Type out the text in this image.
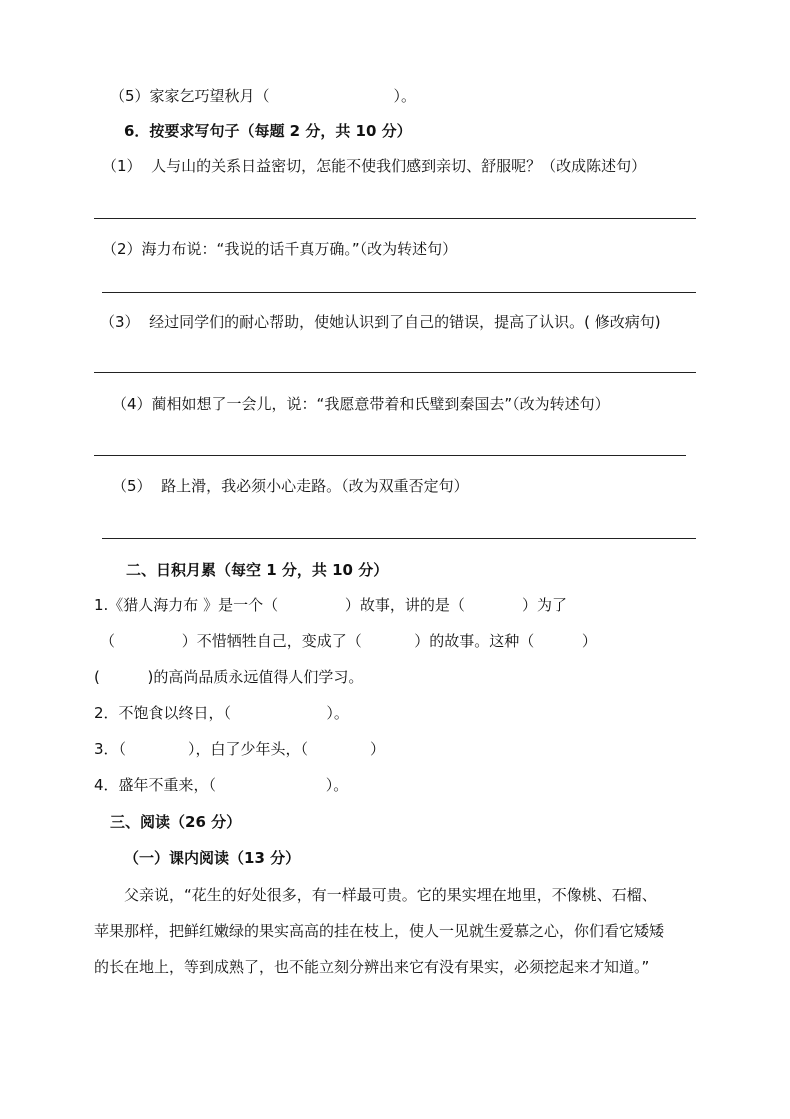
（5）家家乞巧望秋月（                          ）。
6．按要求写句子（每题 2 分，共 10 分）
（1）  人与山的关系日益密切，怎能不使我们感到亲切、舒服呢？（改成陈述句）
（2）海力布说：“我说的话千真万确。”（改为转述句）
（3）  经过同学们的耐心帮助，使她认识到了自己的错误，提高了认识。( 修改病句)
（4）蔺相如想了一会儿，说：“我愿意带着和氏璧到秦国去”（改为转述句）
（5）  路上滑，我必须小心走路。（改为双重否定句）
二、日积月累（每空 1 分，共 10 分）
1.《猎人海力布 》是一个（              ）故事，讲的是（            ）为了
（              ）不惜牺牲自己，变成了（           ）的故事。这种（          ）
(          )的高尚品质永远值得人们学习。
2．不饱食以终日，（                    ）。
3．（             ），白了少年头，（             ）
4．盛年不重来，（                       ）。
三、阅读（26 分）
（一）课内阅读（13 分）
父亲说，“花生的好处很多，有一样最可贵。它的果实埋在地里，不像桃、石榴、
苹果那样，把鲜红嫩绿的果实高高的挂在枝上，使人一见就生爱慕之心，你们看它矮矮
的长在地上，等到成熟了，也不能立刻分辨出来它有没有果实，必须挖起来才知道。”
